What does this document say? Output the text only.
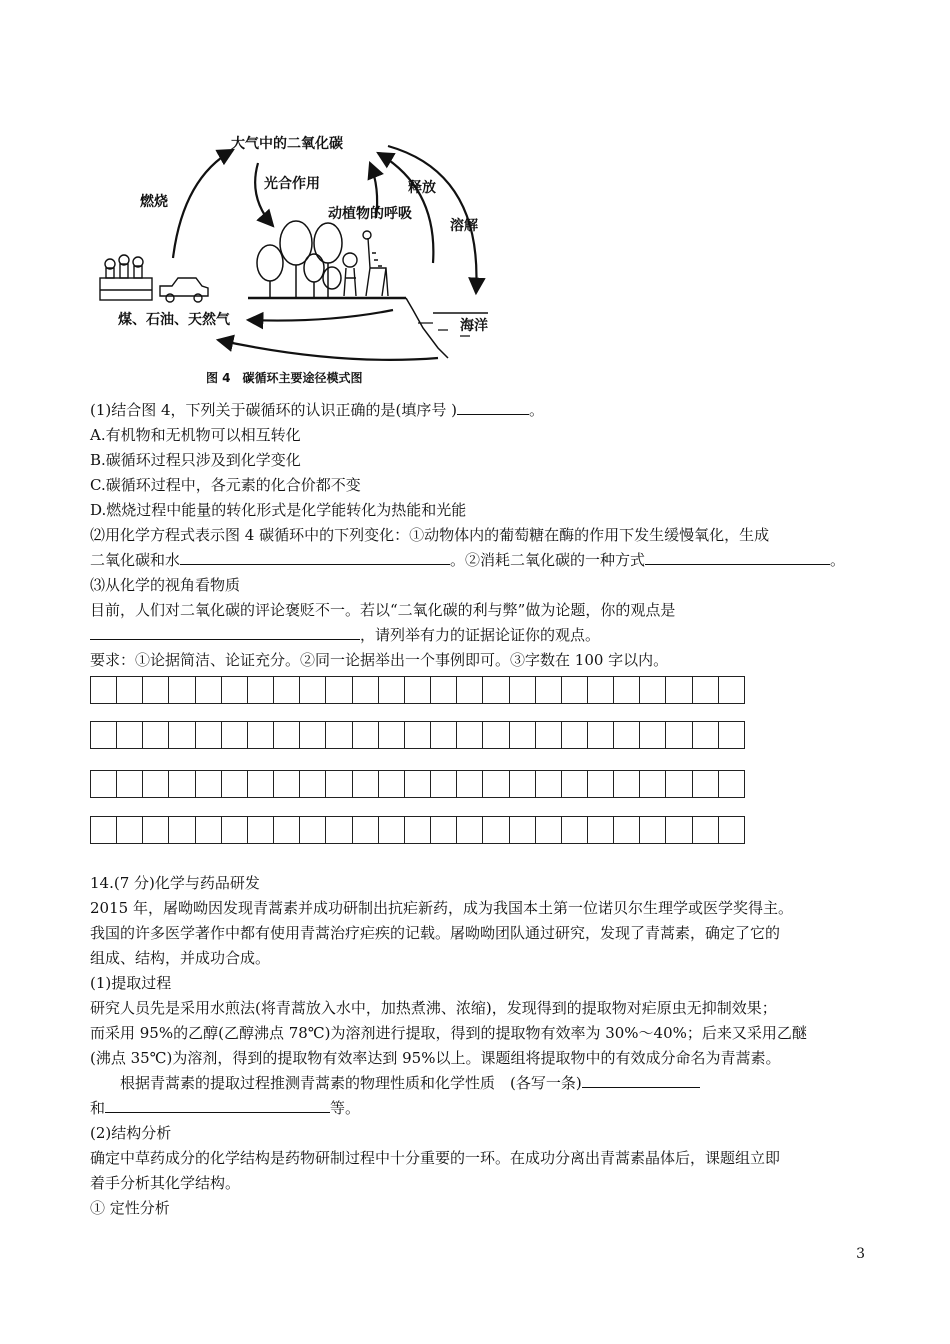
大气中的二氧化碳
燃烧
光合作用
动植物的呼吸
释放
溶解
海洋
煤、石油、天然气
图 4　碳循环主要途径模式图
(1)结合图 4，下列关于碳循环的认识正确的是(填序号 )	。
A.有机物和无机物可以相互转化
B.碳循环过程只涉及到化学变化
C.碳循环过程中，各元素的化合价都不变
D.燃烧过程中能量的转化形式是化学能转化为热能和光能
⑵用化学方程式表示图 4 碳循环中的下列变化：①动物体内的葡萄糖在酶的作用下发生缓慢氧化，生成
二氧化碳和水	。②消耗二氧化碳的一种方式	。
⑶从化学的视角看物质
目前，人们对二氧化碳的评论褒贬不一。若以“二氧化碳的利与弊”做为论题，你的观点是
，请列举有力的证据论证你的观点。
要求：①论据简洁、论证充分。②同一论据举出一个事例即可。③字数在 100 字以内。
14.(7 分)化学与药品研发
2015 年，屠呦呦因发现青蒿素并成功研制出抗疟新药，成为我国本土第一位诺贝尔生理学或医学奖得主。
我国的许多医学著作中都有使用青蒿治疗疟疾的记载。屠呦呦团队通过研究，发现了青蒿素，确定了它的
组成、结构，并成功合成。
(1)提取过程
研究人员先是采用水煎法(将青蒿放入水中，加热煮沸、浓缩)，发现得到的提取物对疟原虫无抑制效果；
而采用 95%的乙醇(乙醇沸点 78℃)为溶剂进行提取，得到的提取物有效率为 30%～40%；后来又采用乙醚
(沸点 35℃)为溶剂，得到的提取物有效率达到 95%以上。课题组将提取物中的有效成分命名为青蒿素。
根据青蒿素的提取过程推测青蒿素的物理性质和化学性质　(各写一条)
和	等。
(2)结构分析
确定中草药成分的化学结构是药物研制过程中十分重要的一环。在成功分离出青蒿素晶体后，课题组立即
着手分析其化学结构。
① 定性分析
3
